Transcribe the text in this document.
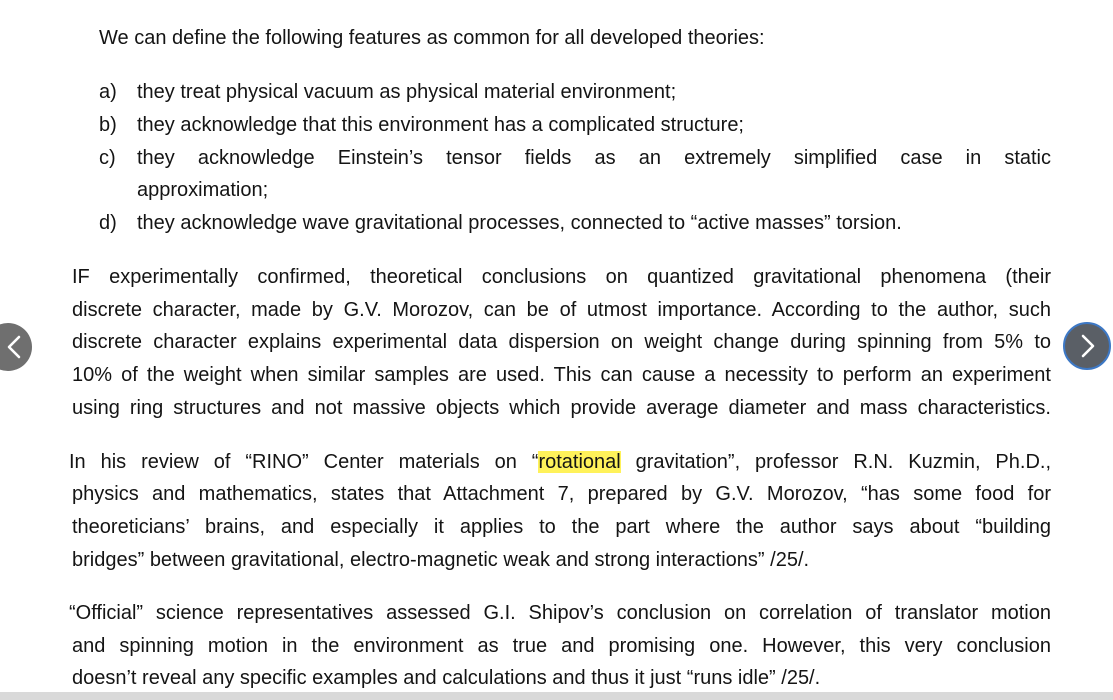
We can define the following features as common for all developed theories:
a) they treat physical vacuum as physical material environment;
b) they acknowledge that this environment has a complicated structure;
c)	they acknowledge Einstein’s tensor fields as an extremely simplified case in static
approximation;
d) they acknowledge wave gravitational processes, connected to “active masses” torsion.
IF experimentally confirmed, theoretical conclusions on quantized gravitational phenomena (their
discrete character, made by G.V. Morozov, can be of utmost importance. According to the author, such
discrete character explains experimental data dispersion on weight change during spinning from 5% to
10% of the weight when similar samples are used. This can cause a necessity to perform an experiment
using ring structures and not massive objects which provide average diameter and mass characteristics.
In his review of “RINO” Center materials on “rotational gravitation”, professor R.N. Kuzmin, Ph.D.,
physics and mathematics, states that Attachment 7, prepared by G.V. Morozov, “has some food for
theoreticians’ brains, and especially it applies to the part where the author says about “building
bridges” between gravitational, electro-magnetic weak and strong interactions” /25/.
“Official” science representatives assessed G.I. Shipov’s conclusion on correlation of translator motion
and spinning motion in the environment as true and promising one. However, this very conclusion
doesn’t reveal any specific examples and calculations and thus it just “runs idle” /25/.
